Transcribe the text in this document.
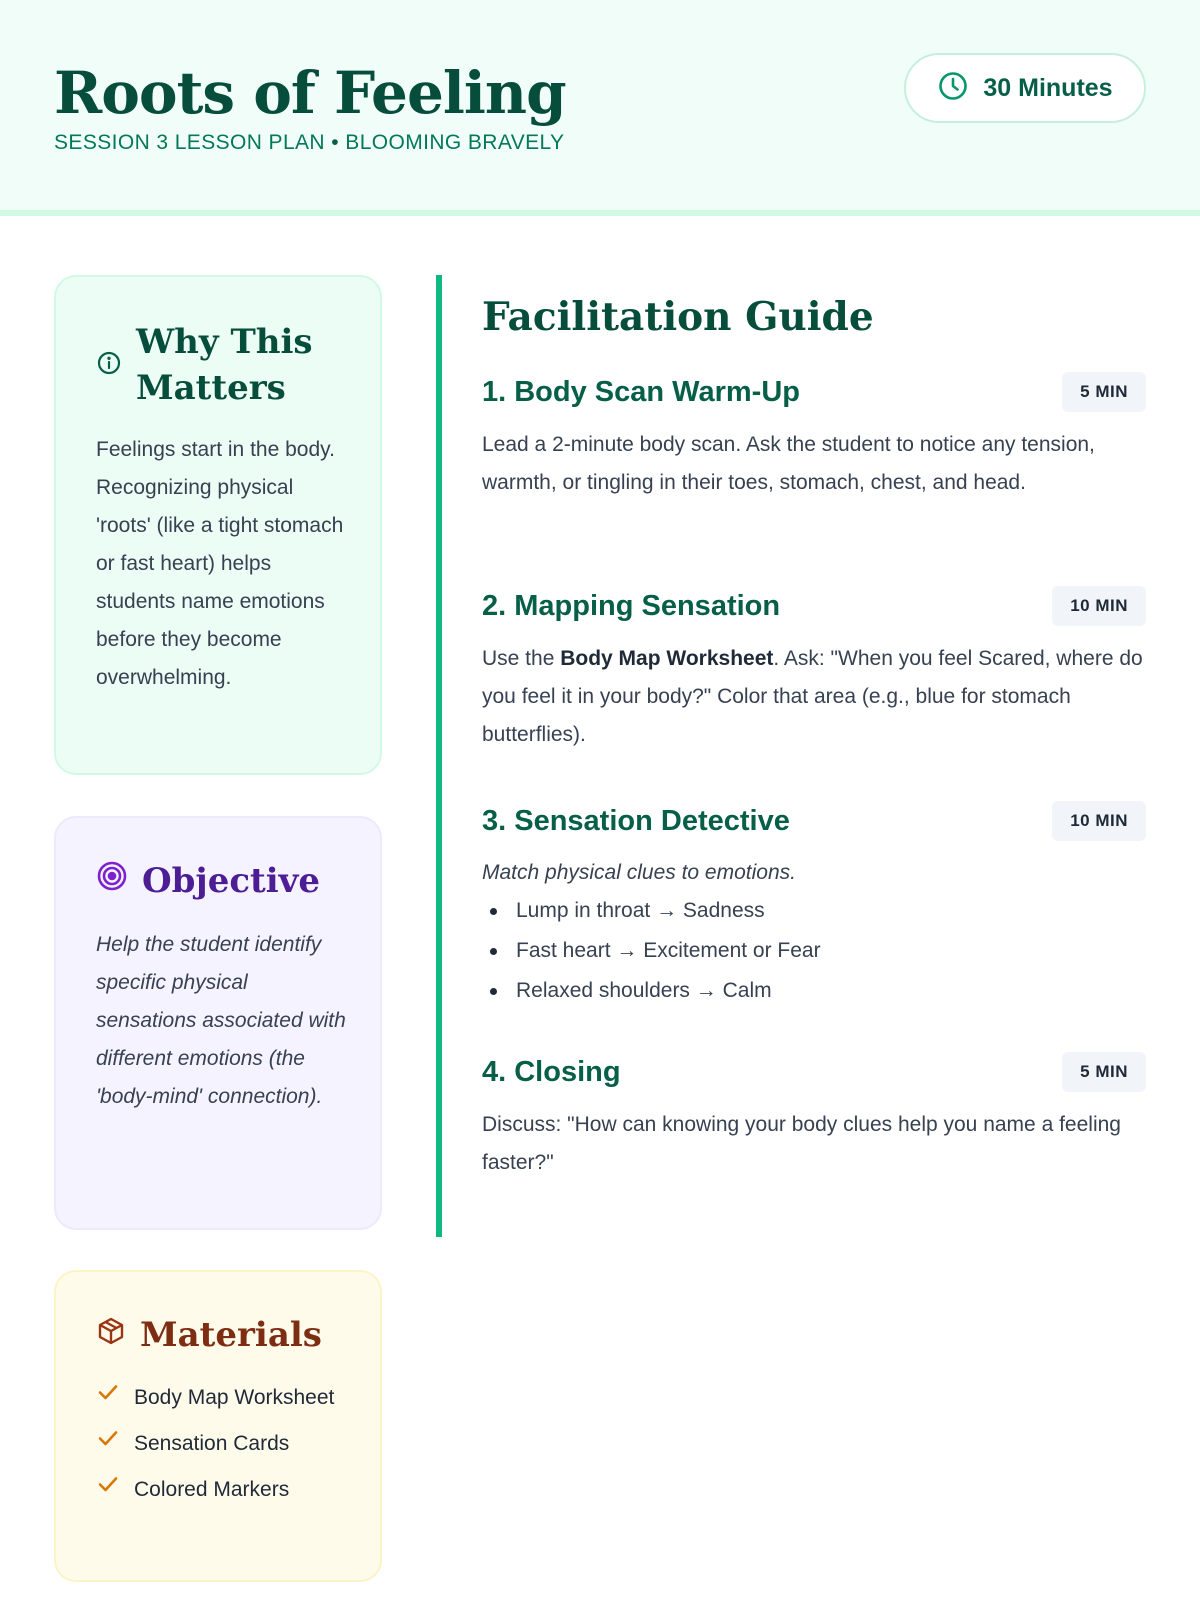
Roots of Feeling
SESSION 3 LESSON PLAN • BLOOMING BRAVELY
30 Minutes
Why This Matters

Feelings start in the body. Recognizing physical 'roots' (like a tight stomach or fast heart) helps students name emotions before they become overwhelming.

Objective

Help the student identify specific physical sensations associated with different emotions (the 'body-mind' connection).

Materials
Body Map Worksheet
Sensation Cards
Colored Markers
Facilitation Guide
1. Body Scan Warm-Up	5 MIN

Lead a 2-minute body scan. Ask the student to notice any tension, warmth, or tingling in their toes, stomach, chest, and head.

2. Mapping Sensation	10 MIN

Use the Body Map Worksheet. Ask: "When you feel Scared, where do you feel it in your body?" Color that area (e.g., blue for stomach butterflies).

3. Sensation Detective	10 MIN

Match physical clues to emotions.

Lump in throat → Sadness
Fast heart → Excitement or Fear
Relaxed shoulders → Calm
4. Closing	5 MIN

Discuss: "How can knowing your body clues help you name a feeling faster?"
